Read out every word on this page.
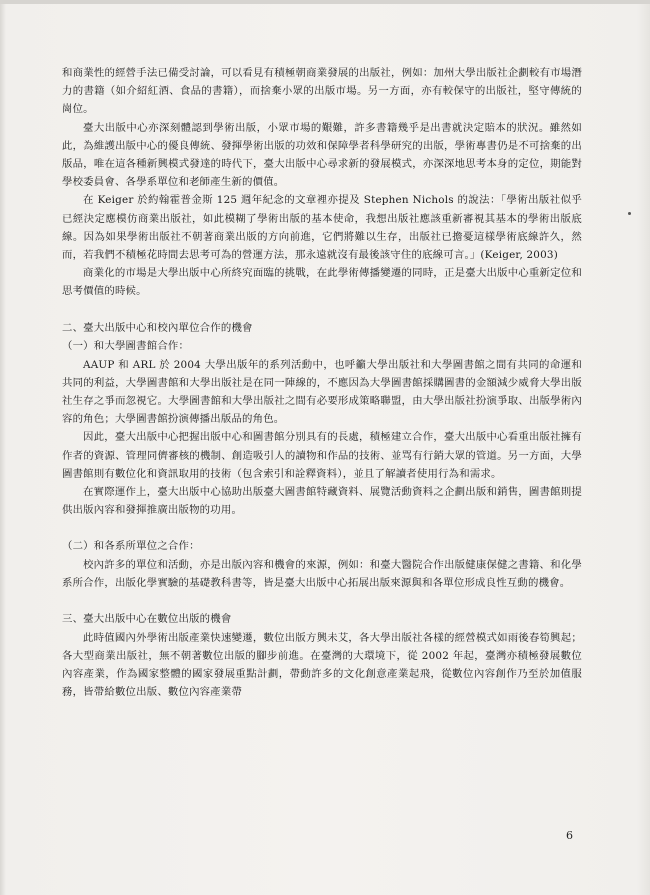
和商業性的經營手法已備受討論，可以看見有積極朝商業發展的出版社，例如：加州大學出版社企劃較有市場潛力的書籍（如介紹紅酒、食品的書籍），而捨棄小眾的出版市場。另一方面，亦有較保守的出版社，堅守傳統的崗位。

臺大出版中心亦深刻體認到學術出版，小眾市場的艱難，許多書籍幾乎是出書就決定賠本的狀況。雖然如此，為維護出版中心的優良傳統、發揮學術出版的功效和保障學者科學研究的出版，學術專書仍是不可捨棄的出版品，唯在這各種新興模式發達的時代下，臺大出版中心尋求新的發展模式，亦深深地思考本身的定位，期能對學校委員會、各學系單位和老師產生新的價值。

在 Keiger 於約翰霍普金斯 125 週年紀念的文章裡亦提及 Stephen Nichols 的說法：「學術出版社似乎已經決定應模仿商業出版社，如此模糊了學術出版的基本使命，我想出版社應該重新審視其基本的學術出版底線。因為如果學術出版社不朝著商業出版的方向前進，它們將難以生存，出版社已擔憂這樣學術底線許久，然而，若我們不積極花時間去思考可為的營運方法，那永遠就沒有最後該守住的底線可言。」(Keiger, 2003)

商業化的市場是大學出版中心所終究面臨的挑戰，在此學術傳播變遷的同時，正是臺大出版中心重新定位和思考價值的時候。

二、臺大出版中心和校內單位合作的機會

（一）和大學圖書館合作：

AAUP 和 ARL 於 2004 大學出版年的系列活動中，也呼籲大學出版社和大學圖書館之間有共同的命運和共同的利益，大學圖書館和大學出版社是在同一陣線的，不應因為大學圖書館採購圖書的金額減少威脅大學出版社生存之爭而忽視它。大學圖書館和大學出版社之間有必要形成策略聯盟，由大學出版社扮演爭取、出版學術內容的角色；大學圖書館扮演傳播出版品的角色。

因此，臺大出版中心把握出版中心和圖書館分別具有的長處，積極建立合作，臺大出版中心看重出版社擁有作者的資源、管理同儕審核的機制、創造吸引人的讀物和作品的技術、並骂有行銷大眾的管道。另一方面，大學圖書館則有數位化和資訊取用的技術（包含索引和詮釋資料），並且了解讀者使用行為和需求。

在實際運作上，臺大出版中心協助出版臺大圖書館特藏資料、展覽活動資料之企劃出版和銷售，圖書館則提供出版內容和發揮推廣出版物的功用。

（二）和各系所單位之合作：

校內許多的單位和活動，亦是出版內容和機會的來源，例如：和臺大醫院合作出版健康保健之書籍、和化學系所合作，出版化學實驗的基礎教科書等，皆是臺大出版中心拓展出版來源與和各單位形成良性互動的機會。

三、臺大出版中心在數位出版的機會

此時值國內外學術出版產業快速變遷，數位出版方興未艾，各大學出版社各樣的經營模式如雨後春筍興起；各大型商業出版社，無不朝著數位出版的腳步前進。在臺灣的大環境下，從 2002 年起，臺灣亦積極發展數位內容產業，作為國家整體的國家發展重點計劃，帶動許多的文化創意產業起飛，從數位內容創作乃至於加值服務，皆帶給數位出版、數位內容產業帶

6
